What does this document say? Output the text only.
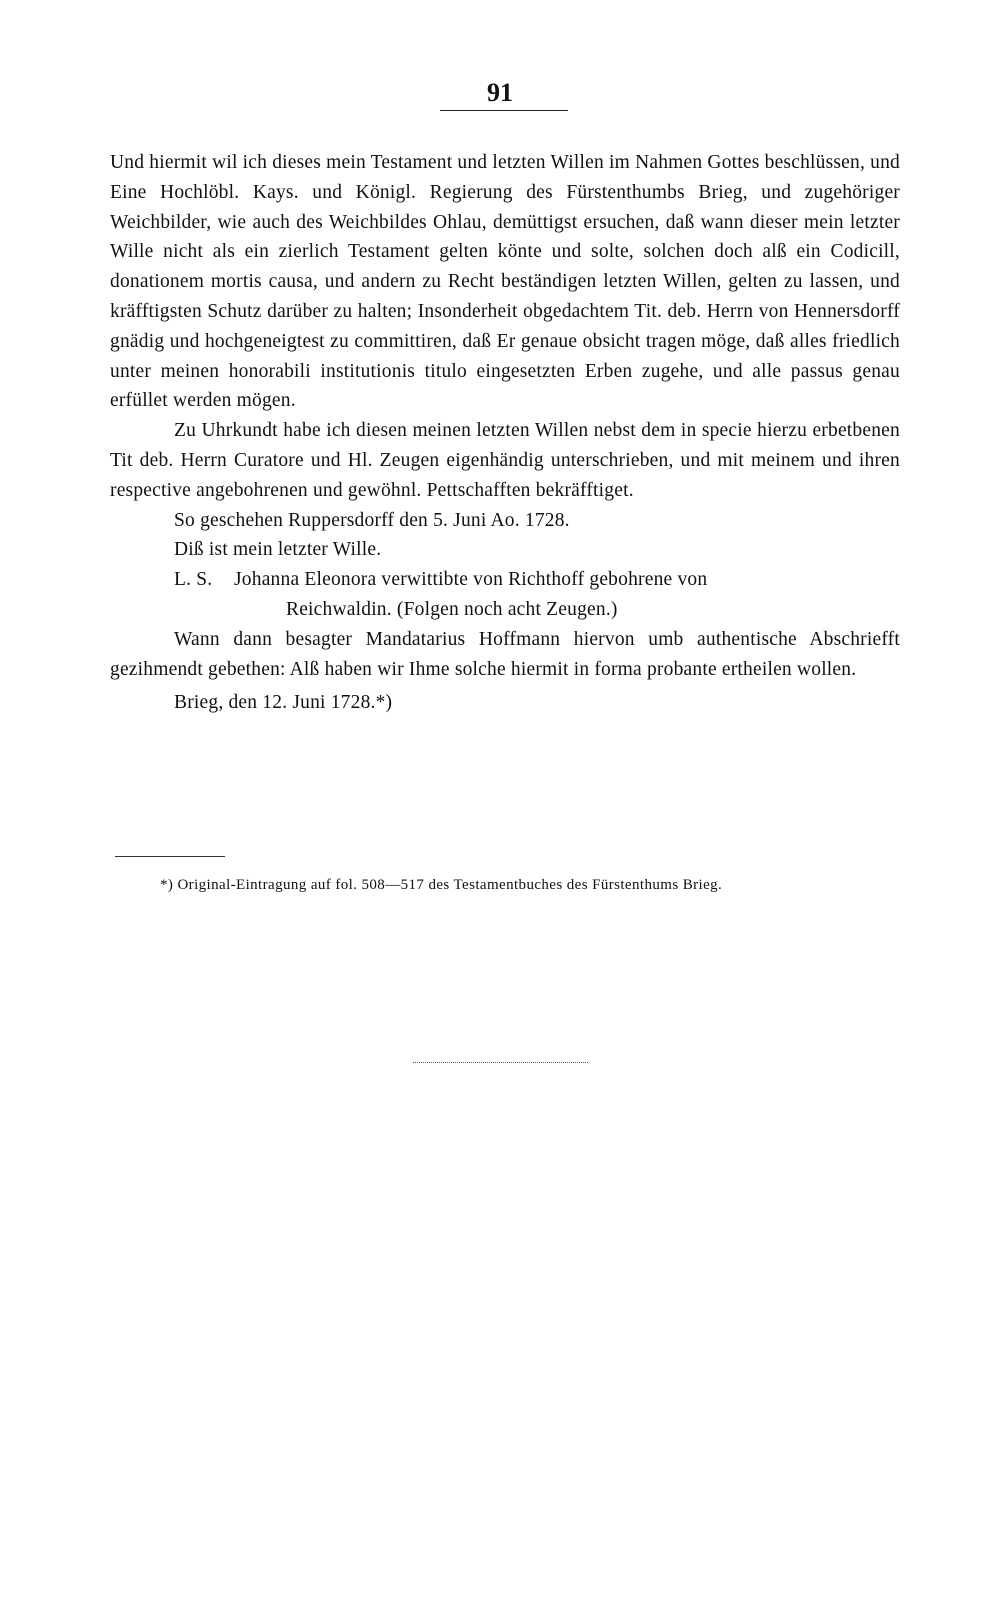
91

Und hiermit wil ich dieses mein Testament und letzten Willen im Nahmen Gottes beschlüssen, und Eine Hochlöbl. Kays. und Königl. Regierung des Fürstenthumbs Brieg, und zugehöriger Weichbilder, wie auch des Weichbildes Ohlau, demüttigst ersuchen, daß wann dieser mein letzter Wille nicht als ein zierlich Testament gelten könte und solte, solchen doch alß ein Codicill, donationem mortis causa, und andern zu Recht beständigen letzten Willen, gelten zu lassen, und kräfftigsten Schutz darüber zu halten; Insonderheit obgedachtem Tit. deb. Herrn von Hennersdorff gnädig und hochgeneigtest zu committiren, daß Er genaue obsicht tragen möge, daß alles friedlich unter meinen honorabili institutionis titulo eingesetzten Erben zugehe, und alle passus genau erfüllet werden mögen.

Zu Uhrkundt habe ich diesen meinen letzten Willen nebst dem in specie hierzu erbetbenen Tit deb. Herrn Curatore und Hl. Zeugen eigenhändig unterschrieben, und mit meinem und ihren respective angebohrenen und gewöhnl. Pettschafften bekräfftiget.

So geschehen Ruppersdorff den 5. Juni Ao. 1728.

Diß ist mein letzter Wille.

L. S. Johanna Eleonora verwittibte von Richthoff gebohrene von

Reichwaldin. (Folgen noch acht Zeugen.)

Wann dann besagter Mandatarius Hoffmann hiervon umb authentische Abschriefft gezihmendt gebethen: Alß haben wir Ihme solche hiermit in forma probante ertheilen wollen.

Brieg, den 12. Juni 1728.*)

*) Original-Eintragung auf fol. 508—517 des Testamentbuches des Fürstenthums Brieg.
